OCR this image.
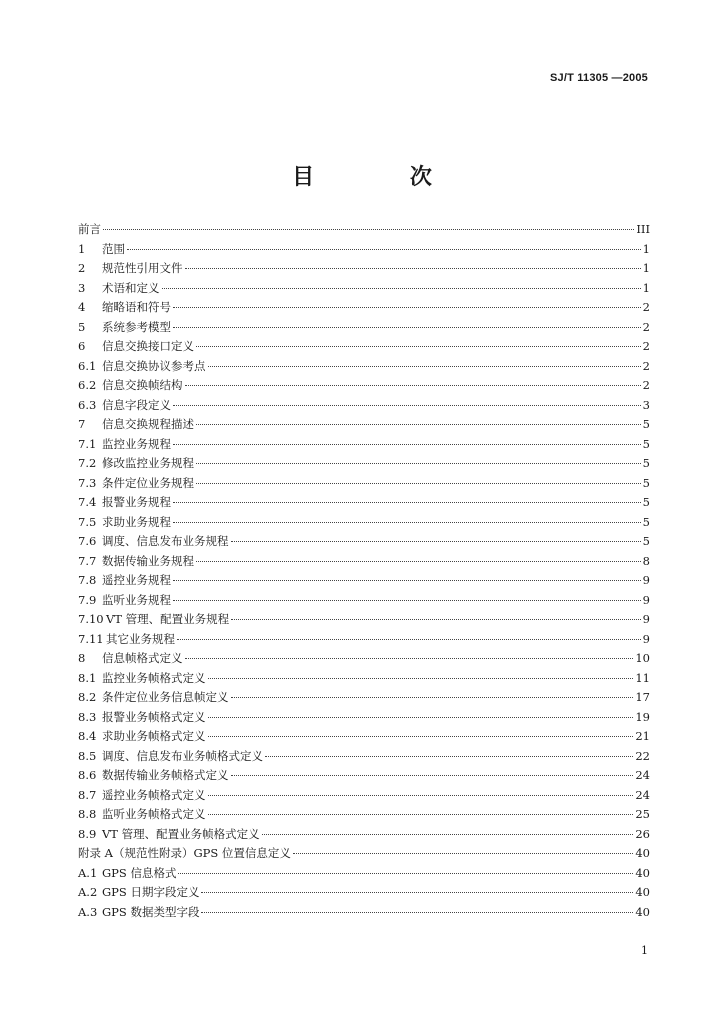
SJ/T 11305 —2005
目 次
前言	III
1	范围	1
2	规范性引用文件	1
3	术语和定义	1
4	缩略语和符号	2
5	系统参考模型	2
6	信息交换接口定义	2
6.1 信息交换协议参考点	2
6.2 信息交换帧结构	2
6.3 信息字段定义	3
7	信息交换规程描述	5
7.1 监控业务规程	5
7.2 修改监控业务规程	5
7.3 条件定位业务规程	5
7.4 报警业务规程	5
7.5 求助业务规程	5
7.6 调度、信息发布业务规程	5
7.7 数据传输业务规程	8
7.8 遥控业务规程	9
7.9 监听业务规程	9
7.10 VT 管理、配置业务规程	9
7.11 其它业务规程	9
8	信息帧格式定义	10
8.1 监控业务帧格式定义	11
8.2 条件定位业务信息帧定义	17
8.3 报警业务帧格式定义	19
8.4 求助业务帧格式定义	21
8.5 调度、信息发布业务帧格式定义	22
8.6 数据传输业务帧格式定义	24
8.7 遥控业务帧格式定义	24
8.8 监听业务帧格式定义	25
8.9 VT 管理、配置业务帧格式定义	26
附录 A（规范性附录）GPS 位置信息定义	40
A.1 GPS 信息格式	40
A.2 GPS 日期字段定义	40
A.3 GPS 数据类型字段	40
1
